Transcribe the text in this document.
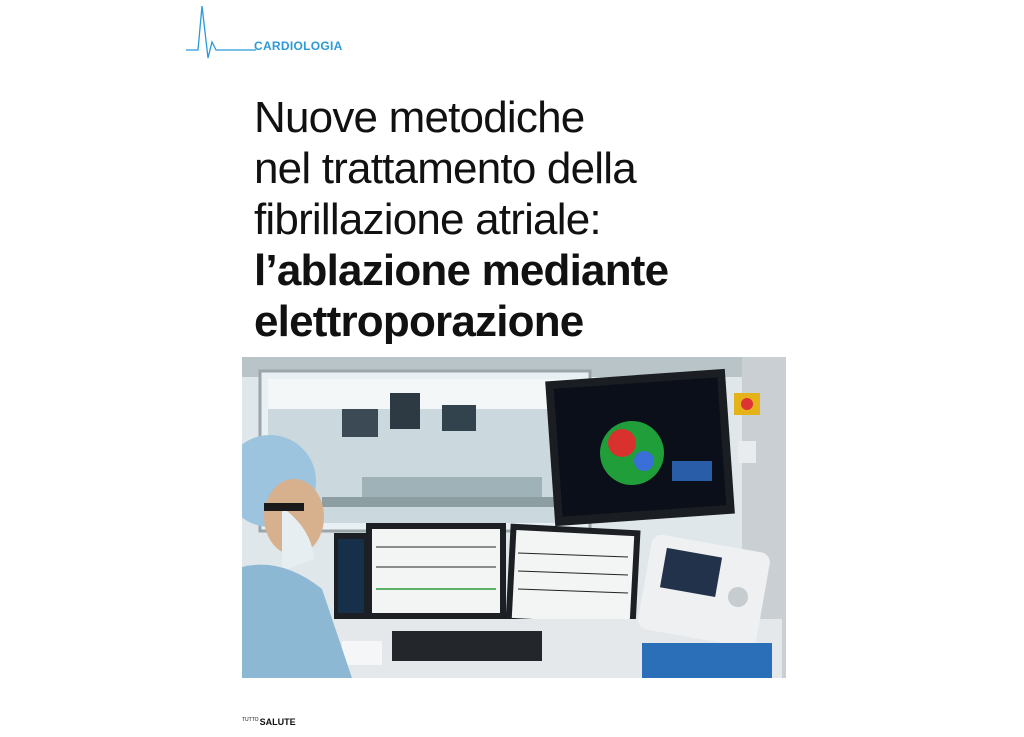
CARDIOLOGIA
Nuove metodiche
nel trattamento della
fibrillazione atriale:
l’ablazione mediante
elettroporazione
$^{TUTTO}$SALUTE
